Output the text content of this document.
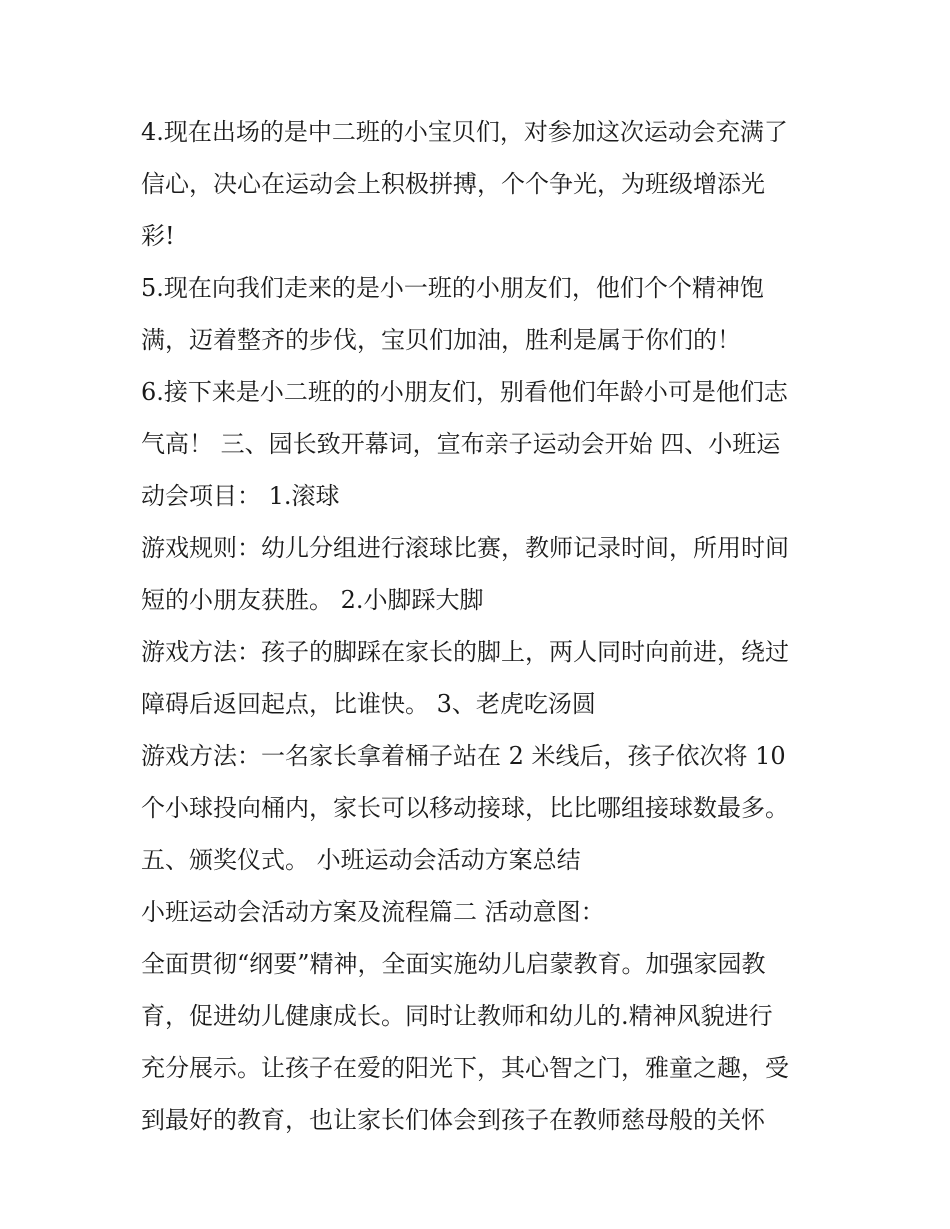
4.现在出场的是中二班的小宝贝们，对参加这次运动会充满了

信心，决心在运动会上积极拼搏，个个争光，为班级增添光

彩!

5.现在向我们走来的是小一班的小朋友们，他们个个精神饱

满，迈着整齐的步伐，宝贝们加油，胜利是属于你们的！

6.接下来是小二班的的小朋友们，别看他们年龄小可是他们志

气高！ 三、园长致开幕词，宣布亲子运动会开始 四、小班运

动会项目： 1.滚球

游戏规则：幼儿分组进行滚球比赛，教师记录时间，所用时间

短的小朋友获胜。 2.小脚踩大脚

游戏方法：孩子的脚踩在家长的脚上，两人同时向前进，绕过

障碍后返回起点，比谁快。 3、老虎吃汤圆

游戏方法：一名家长拿着桶子站在 2 米线后，孩子依次将 10

个小球投向桶内，家长可以移动接球，比比哪组接球数最多。

五、颁奖仪式。 小班运动会活动方案总结

小班运动会活动方案及流程篇二 活动意图：

全面贯彻“纲要”精神，全面实施幼儿启蒙教育。加强家园教

育，促进幼儿健康成长。同时让教师和幼儿的.精神风貌进行

充分展示。让孩子在爱的阳光下，其心智之门，雅童之趣，受

到最好的教育，也让家长们体会到孩子在教师慈母般的关怀
